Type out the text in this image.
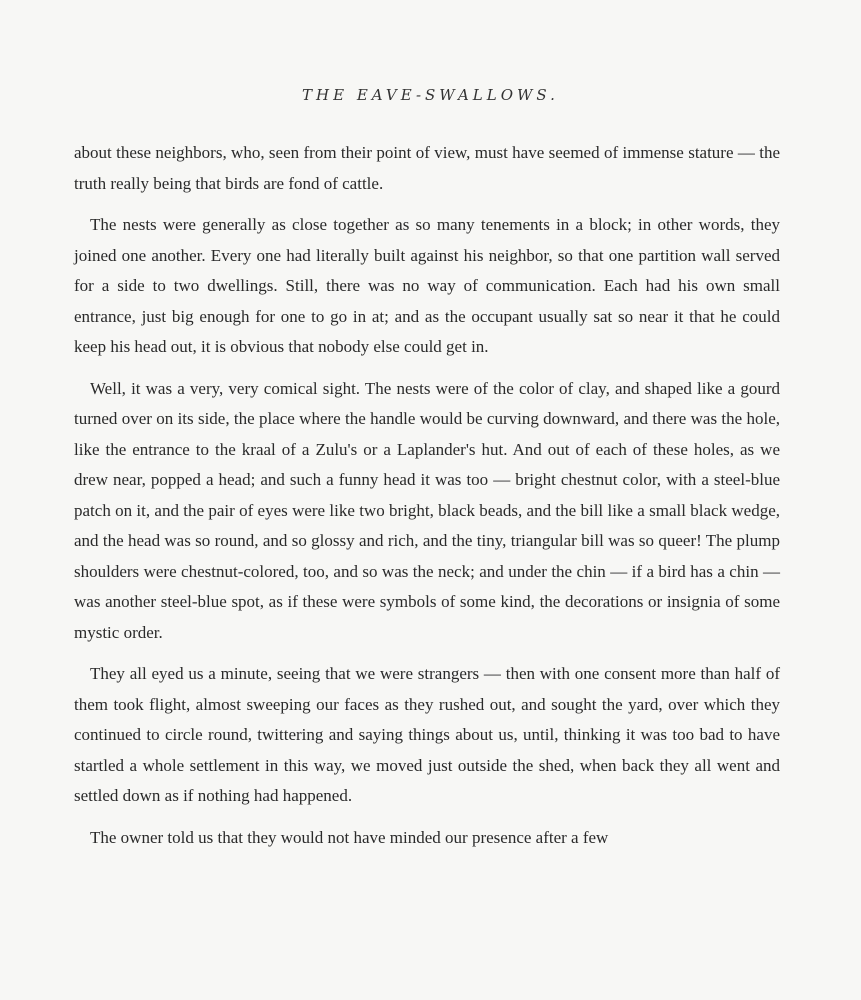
THE EAVE-SWALLOWS.

about these neighbors, who, seen from their point of view, must have seemed of immense stature — the truth really being that birds are fond of cattle.

The nests were generally as close together as so many tenements in a block; in other words, they joined one another. Every one had literally built against his neighbor, so that one partition wall served for a side to two dwellings. Still, there was no way of communication. Each had his own small entrance, just big enough for one to go in at; and as the occupant usually sat so near it that he could keep his head out, it is obvious that nobody else could get in.

Well, it was a very, very comical sight. The nests were of the color of clay, and shaped like a gourd turned over on its side, the place where the handle would be curving downward, and there was the hole, like the entrance to the kraal of a Zulu's or a Laplander's hut. And out of each of these holes, as we drew near, popped a head; and such a funny head it was too — bright chestnut color, with a steel-blue patch on it, and the pair of eyes were like two bright, black beads, and the bill like a small black wedge, and the head was so round, and so glossy and rich, and the tiny, triangular bill was so queer! The plump shoulders were chestnut-colored, too, and so was the neck; and under the chin — if a bird has a chin — was another steel-blue spot, as if these were symbols of some kind, the decorations or insignia of some mystic order.

They all eyed us a minute, seeing that we were strangers — then with one consent more than half of them took flight, almost sweeping our faces as they rushed out, and sought the yard, over which they continued to circle round, twittering and saying things about us, until, thinking it was too bad to have startled a whole settlement in this way, we moved just outside the shed, when back they all went and settled down as if nothing had happened.

The owner told us that they would not have minded our presence after a few
